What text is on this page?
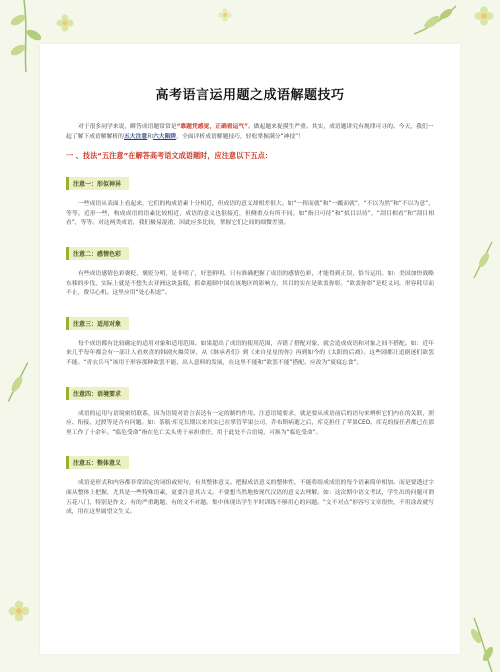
高考语言运用题之成语解题技巧

对于很多同学来说，瞬答成语题常常是“靠题凭感觉，正确看运气”。做起题来捉摸生严重。其实，成语题讲究有规律可寻的。今天，我们一起了解下成语解解析的五大注意和六大陷阱，全面评析成语解题技巧，轻松掌握满分“神技”！

一 、技法“五注意”在解答高考语文成语题时，应注意以下五点：
注意一：形似神异

一些成语从表面上看起来，它们的构成语素十分相近，但成语的意义却相差很大。如“一挥而就”和“一蹴而就”，“不以为然”和“不以为意”，等等。近形一些，构成成语的语素比较相近，成语的意义也很接近，但侧重点有所不同。如“指日可待”和“拭目以待”，“刮目相看”和“刮目相看”，等等。对这两类成语，我们极易混淆，因此应多比较，掌握它们之间的细微差别。

注意二：感情色彩

有些成语感情色彩褒贬，褒贬分明，是非明了，好恶鲜明。只有准确把握了成语的感情色彩，才能得到正误，恰当运用。如：美国加快战略东移的步伐，实际上就是不想失去亚洲这块蛋糕，抓命遏制中国在该地区的影响力，其目的实在是欲盖弥彰。“欲盖弥彰”是贬义词，形容耗尽而不止，费尽心机。这里应用“处心积虑”。

注意三：适用对象

每个成语都有比较确定的适用对象和适用范围。如果超出了成语的使用范围，弄错了搭配对象，就会造成成语和对象之间不搭配。如：近年来几乎每年都会有一部让人看欢喜的韩剧火爆荧屏，从《继承者们》到《来自星星的你》再到如今的《太阳的后裔》。这些剧都让追剧迷们欲罢不能。“青衣兵马”该用于形容那种欲罢不能、出人意料的发展，在这里不能和“欲罢不能”搭配。应改为“废寝忘食”。

注意四：语境要求

成语的运用与语境密切联系，因为语境对语言表达有一定的制约作用。注意语境要求，就是要从成语前后的语句来辨析它们内在的关联，照应、衔接、过渡等是否有问题。如：茶瓶·库克长期以来其实已在掌管苹果公司，乔布斯病逝之后，库克担任了苹果CEO。库克的接任者都已在那里工作了十余年。“临危受命”指在危亡关头勇于承担重任，用于此处不合语境，可换为“临危受命”。

注意五：整体意义

成语是形式和内容都非常固定的词组或短句，有其整体意义。把握成语意义的整体性，不能将组成成语的每个语素简单相加。而是要透过字面从整体上把握，尤其是一些特殊语素，更要注意其古义。不要想当然地按现代汉语的意义去理解。如：这次期中语文考试，学生出的问题可谓五花八门，特别是作文，有的严重跑题，有的文不对题。集中体现出学生平时训练不够用心的问题。“文不对点”形容写文章很快，不用涂改就写成，用在这里属望文生义。
